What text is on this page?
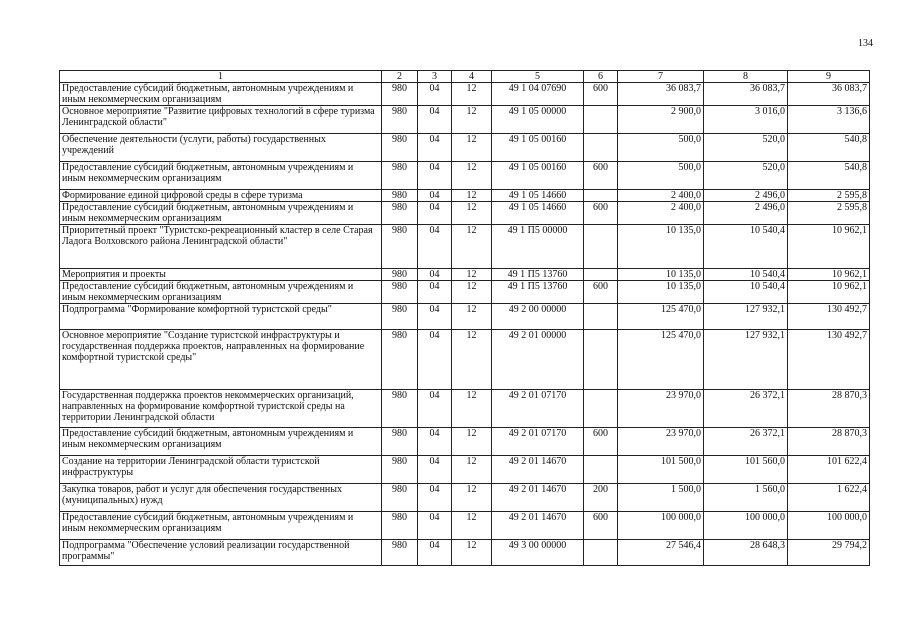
134
1	2	3	4	5	6	7	8	9
Предоставление субсидий бюджетным, автономным учреждениям и иным некоммерческим организациям	980	04	12	49 1 04 07690	600	36 083,7	36 083,7	36 083,7
Основное мероприятие "Развитие цифровых технологий в сфере туризма Ленинградской области"	980	04	12	49 1 05 00000		2 900,0	3 016,0	3 136,6
Обеспечение деятельности (услуги, работы) государственных учреждений	980	04	12	49 1 05 00160		500,0	520,0	540,8
Предоставление субсидий бюджетным, автономным учреждениям и иным некоммерческим организациям	980	04	12	49 1 05 00160	600	500,0	520,0	540,8
Формирование единой цифровой среды в сфере туризма	980	04	12	49 1 05 14660		2 400,0	2 496,0	2 595,8
Предоставление субсидий бюджетным, автономным учреждениям и иным некоммерческим организациям	980	04	12	49 1 05 14660	600	2 400,0	2 496,0	2 595,8
Приоритетный проект "Туристско-рекреационный кластер в селе Старая Ладога Волховского района Ленинградской области"	980	04	12	49 1 П5 00000		10 135,0	10 540,4	10 962,1
Мероприятия и проекты	980	04	12	49 1 П5 13760		10 135,0	10 540,4	10 962,1
Предоставление субсидий бюджетным, автономным учреждениям и иным некоммерческим организациям	980	04	12	49 1 П5 13760	600	10 135,0	10 540,4	10 962,1
Подпрограмма "Формирование комфортной туристской среды"	980	04	12	49 2 00 00000		125 470,0	127 932,1	130 492,7
Основное мероприятие "Создание туристской инфраструктуры и государственная поддержка проектов, направленных на формирование комфортной туристской среды"	980	04	12	49 2 01 00000		125 470,0	127 932,1	130 492,7
Государственная поддержка проектов некоммерческих организаций, направленных на формирование комфортной туристской среды на территории Ленинградской области	980	04	12	49 2 01 07170		23 970,0	26 372,1	28 870,3
Предоставление субсидий бюджетным, автономным учреждениям и иным некоммерческим организациям	980	04	12	49 2 01 07170	600	23 970,0	26 372,1	28 870,3
Создание на территории Ленинградской области туристской инфраструктуры	980	04	12	49 2 01 14670		101 500,0	101 560,0	101 622,4
Закупка товаров, работ и услуг для обеспечения государственных (муниципальных) нужд	980	04	12	49 2 01 14670	200	1 500,0	1 560,0	1 622,4
Предоставление субсидий бюджетным, автономным учреждениям и иным некоммерческим организациям	980	04	12	49 2 01 14670	600	100 000,0	100 000,0	100 000,0
Подпрограмма "Обеспечение условий реализации государственной программы"	980	04	12	49 3 00 00000		27 546,4	28 648,3	29 794,2
